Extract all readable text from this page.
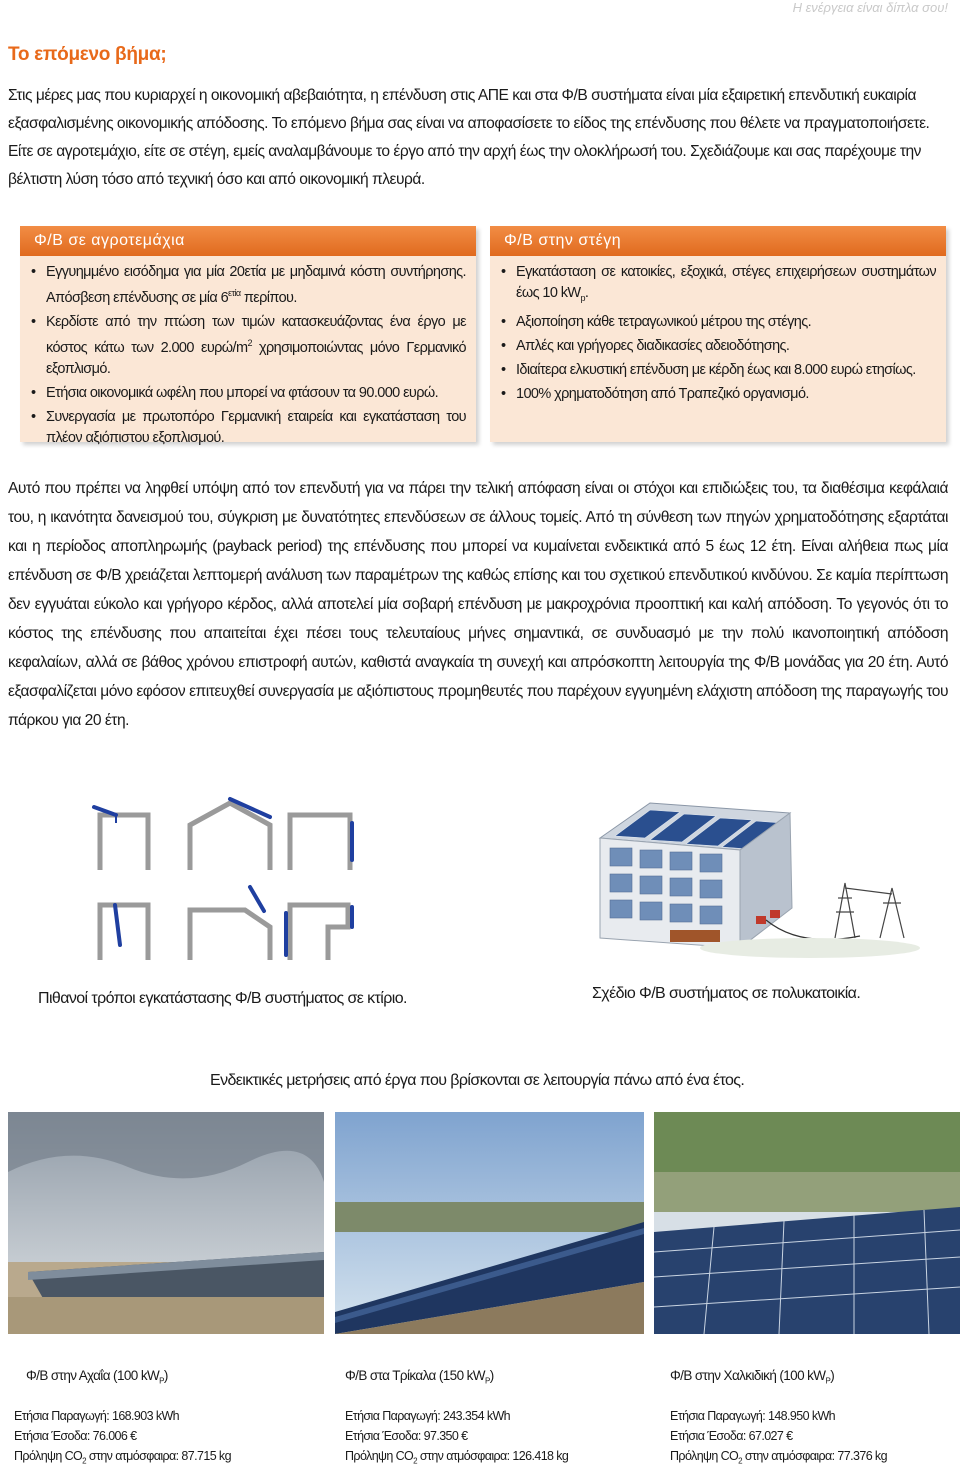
Η ενέργεια είναι δίπλα σου!
Το επόμενο βήμα;
Στις μέρες μας που κυριαρχεί η οικονομική αβεβαιότητα, η επένδυση στις ΑΠΕ και στα Φ/Β συστήματα είναι μία εξαιρετική επενδυτική ευκαιρία εξασφαλισμένης οικονομικής απόδοσης. Το επόμενο βήμα σας είναι να αποφασίσετε το είδος της επένδυσης που θέλετε να πραγματοποιήσετε. Είτε σε αγροτεμάχιο, είτε σε στέγη, εμείς αναλαμβάνουμε το έργο από την αρχή έως την ολοκλήρωσή του. Σχεδιάζουμε και σας παρέχουμε την βέλτιστη λύση τόσο από τεχνική όσο και από οικονομική πλευρά.
Φ/Β σε αγροτεμάχια
• Εγγυημμένο εισόδημα για μία 20ετία με μηδαμινά κόστη συντήρησης. Απόσβεση επένδυσης σε μία $6^{\varepsilon\tau ί\alpha}$ περίπου.
• Κερδίστε από την πτώση των τιμών κατασκευάζοντας ένα έργο με κόστος κάτω των 2.000 ευρώ/$m^2$ χρησιμοποιώντας μόνο Γερμανικό εξοπλισμό.
• Ετήσια οικονομικά ωφέλη που μπορεί να φτάσουν τα 90.000 ευρώ.
• Συνεργασία με πρωτοπόρο Γερμανική εταιρεία και εγκατάσταση του πλέον αξιόπιστου εξοπλισμού.
Φ/Β στην στέγη
• Εγκατάσταση σε κατοικίες, εξοχικά, στέγες επιχειρήσεων συστημάτων έως 10 $kW_p$.
• Αξιοποίηση κάθε τετραγωνικού μέτρου της στέγης.
• Απλές και γρήγορες διαδικασίες αδειοδότησης.
• Ιδιαίτερα ελκυστική επένδυση με κέρδη έως και 8.000 ευρώ ετησίως.
• 100% χρηματοδότηση από Τραπεζικό οργανισμό.
Αυτό που πρέπει να ληφθεί υπόψη από τον επενδυτή για να πάρει την τελική απόφαση είναι οι στόχοι και επιδιώξεις του, τα διαθέσιμα κεφάλαιά του, η ικανότητα δανεισμού του, σύγκριση με δυνατότητες επενδύσεων σε άλλους τομείς. Από τη σύνθεση των πηγών χρηματοδότησης εξαρτάται και η περίοδος αποπληρωμής (payback period) της επένδυσης που μπορεί να κυμαίνεται ενδεικτικά από 5 έως 12 έτη. Είναι αλήθεια πως μία επένδυση σε Φ/Β χρειάζεται λεπτομερή ανάλυση των παραμέτρων της καθώς επίσης και του σχετικού επενδυτικού κινδύνου. Σε καμία περίπτωση δεν εγγυάται εύκολο και γρήγορο κέρδος, αλλά αποτελεί μία σοβαρή επένδυση με μακροχρόνια προοπτική και καλή απόδοση. Το γεγονός ότι το κόστος της επένδυσης που απαιτείται έχει πέσει τους τελευταίους μήνες σημαντικά, σε συνδυασμό με την πολύ ικανοποιητική απόδοση κεφαλαίων, αλλά σε βάθος χρόνου επιστροφή αυτών, καθιστά αναγκαία τη συνεχή και απρόσκοπτη λειτουργία της Φ/Β μονάδας για 20 έτη. Αυτό εξασφαλίζεται μόνο εφόσον επιτευχθεί συνεργασία με αξιόπιστους προμηθευτές που παρέχουν εγγυημένη ελάχιστη απόδοση της παραγωγής του πάρκου για 20 έτη.
Πιθανοί τρόποι εγκατάστασης Φ/Β συστήματος σε κτίριο.	Σχέδιο Φ/Β συστήματος σε πολυκατοικία.
Ενδεικτικές μετρήσεις από έργα που βρίσκονται σε λειτουργία πάνω από ένα έτος.
Φ/Β στην Αχαΐα (100 $kW_P$)
Ετήσια Παραγωγή: 168.903 kWh
Ετήσια Έσοδα: 76.006 €
Πρόληψη $CO_2$ στην ατμόσφαιρα: 87.715 kg
Φ/Β στα Τρίκαλα (150 $kW_P$)
Ετήσια Παραγωγή: 243.354 kWh
Ετήσια Έσοδα: 97.350 €
Πρόληψη $CO_2$ στην ατμόσφαιρα: 126.418 kg
Φ/Β στην Χαλκιδική (100 $kW_P$)
Ετήσια Παραγωγή: 148.950 kWh
Ετήσια Έσοδα: 67.027 €
Πρόληψη $CO_2$ στην ατμόσφαιρα: 77.376 kg
